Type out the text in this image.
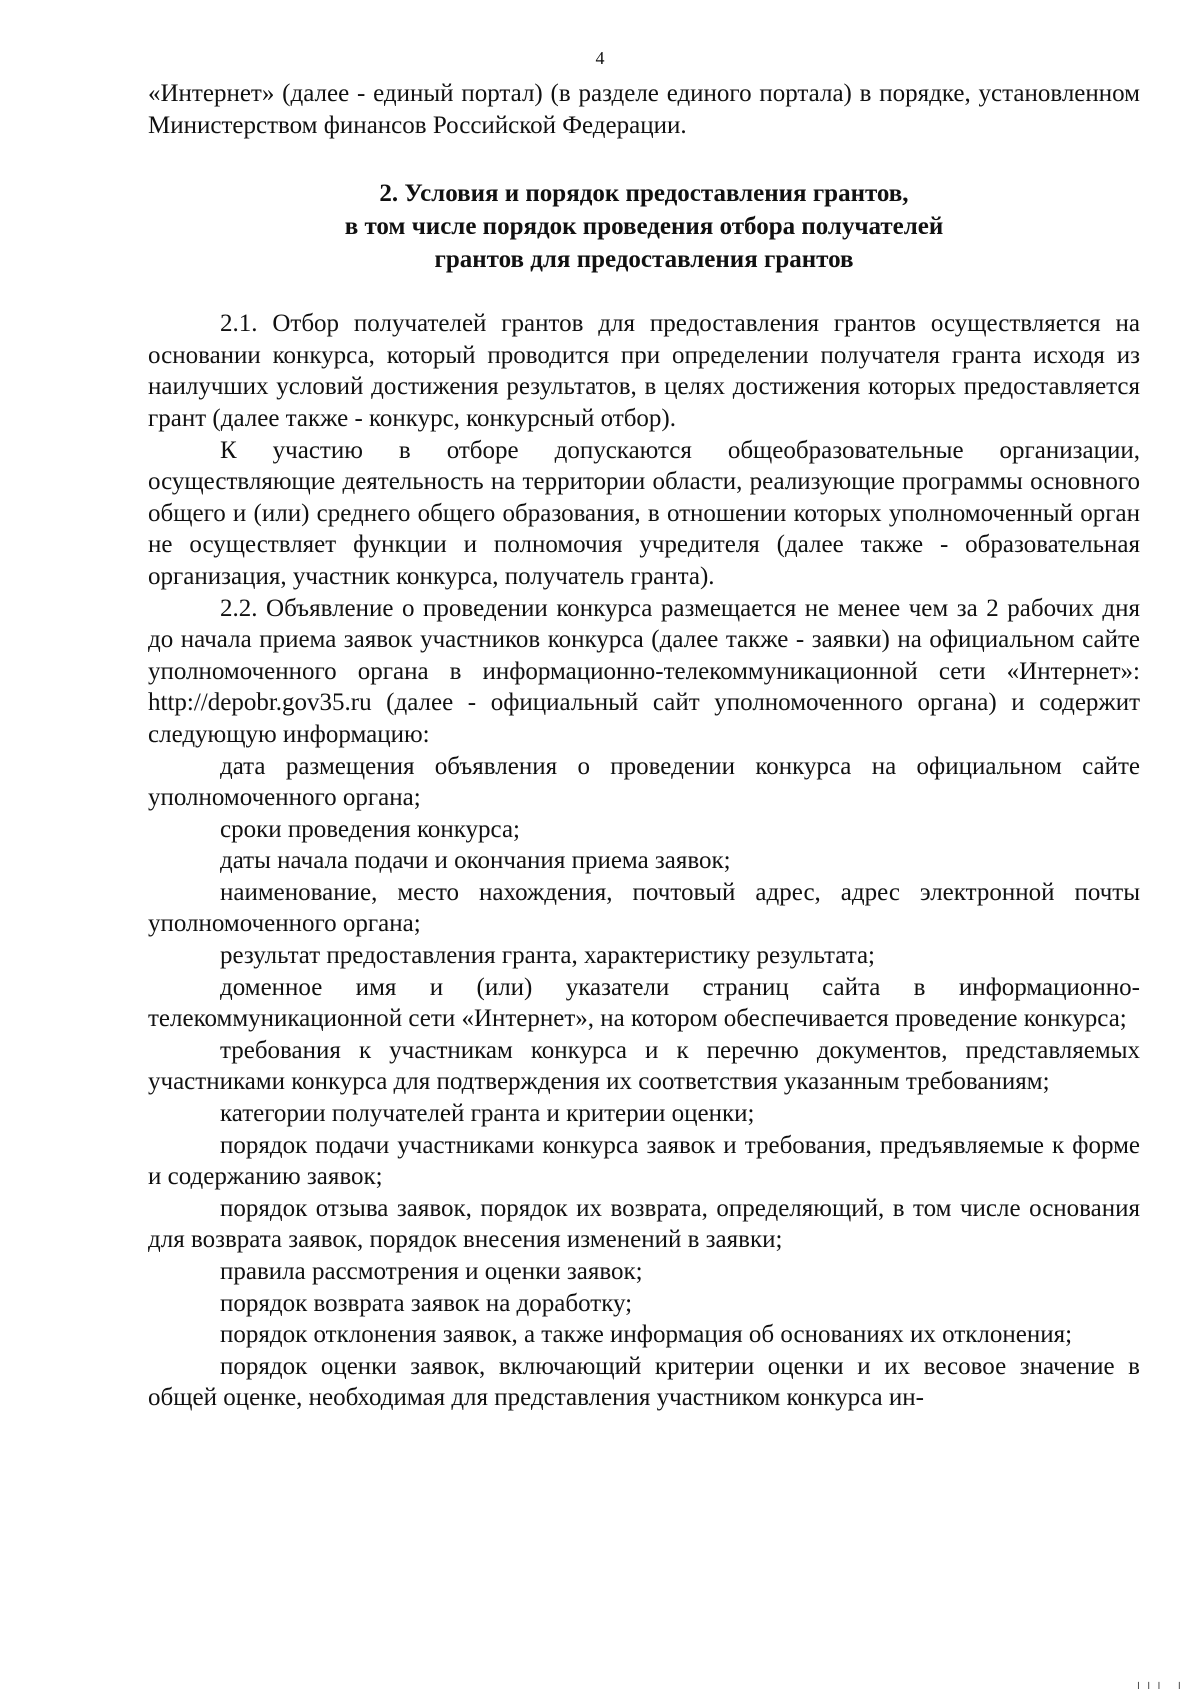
4

«Интернет» (далее - единый портал) (в разделе единого портала) в порядке, установленном Министерством финансов Российской Федерации.

2. Условия и порядок предоставления грантов,
в том числе порядок проведения отбора получателей
грантов для предоставления грантов

2.1. Отбор получателей грантов для предоставления грантов осуществляется на основании конкурса, который проводится при определении получателя гранта исходя из наилучших условий достижения результатов, в целях достижения которых предоставляется грант (далее также - конкурс, конкурсный отбор).

К участию в отборе допускаются общеобразовательные организации, осуществляющие деятельность на территории области, реализующие программы основного общего и (или) среднего общего образования, в отношении которых уполномоченный орган не осуществляет функции и полномочия учредителя (далее также - образовательная организация, участник конкурса, получатель гранта).

2.2. Объявление о проведении конкурса размещается не менее чем за 2 рабочих дня до начала приема заявок участников конкурса (далее также - заявки) на официальном сайте уполномоченного органа в информационно-телекоммуникационной сети «Интернет»: http://depobr.gov35.ru (далее - официальный сайт уполномоченного органа) и содержит следующую информацию:

дата размещения объявления о проведении конкурса на официальном сайте уполномоченного органа;

сроки проведения конкурса;

даты начала подачи и окончания приема заявок;

наименование, место нахождения, почтовый адрес, адрес электронной почты уполномоченного органа;

результат предоставления гранта, характеристику результата;

доменное имя и (или) указатели страниц сайта в информационно-телекоммуникационной сети «Интернет», на котором обеспечивается проведение конкурса;

требования к участникам конкурса и к перечню документов, представляемых участниками конкурса для подтверждения их соответствия указанным требованиям;

категории получателей гранта и критерии оценки;

порядок подачи участниками конкурса заявок и требования, предъявляемые к форме и содержанию заявок;

порядок отзыва заявок, порядок их возврата, определяющий, в том числе основания для возврата заявок, порядок внесения изменений в заявки;

правила рассмотрения и оценки заявок;

порядок возврата заявок на доработку;

порядок отклонения заявок, а также информация об основаниях их отклонения;

порядок оценки заявок, включающий критерии оценки и их весовое значение в общей оценке, необходимая для представления участником конкурса ин-

╷╷╷ ╷
